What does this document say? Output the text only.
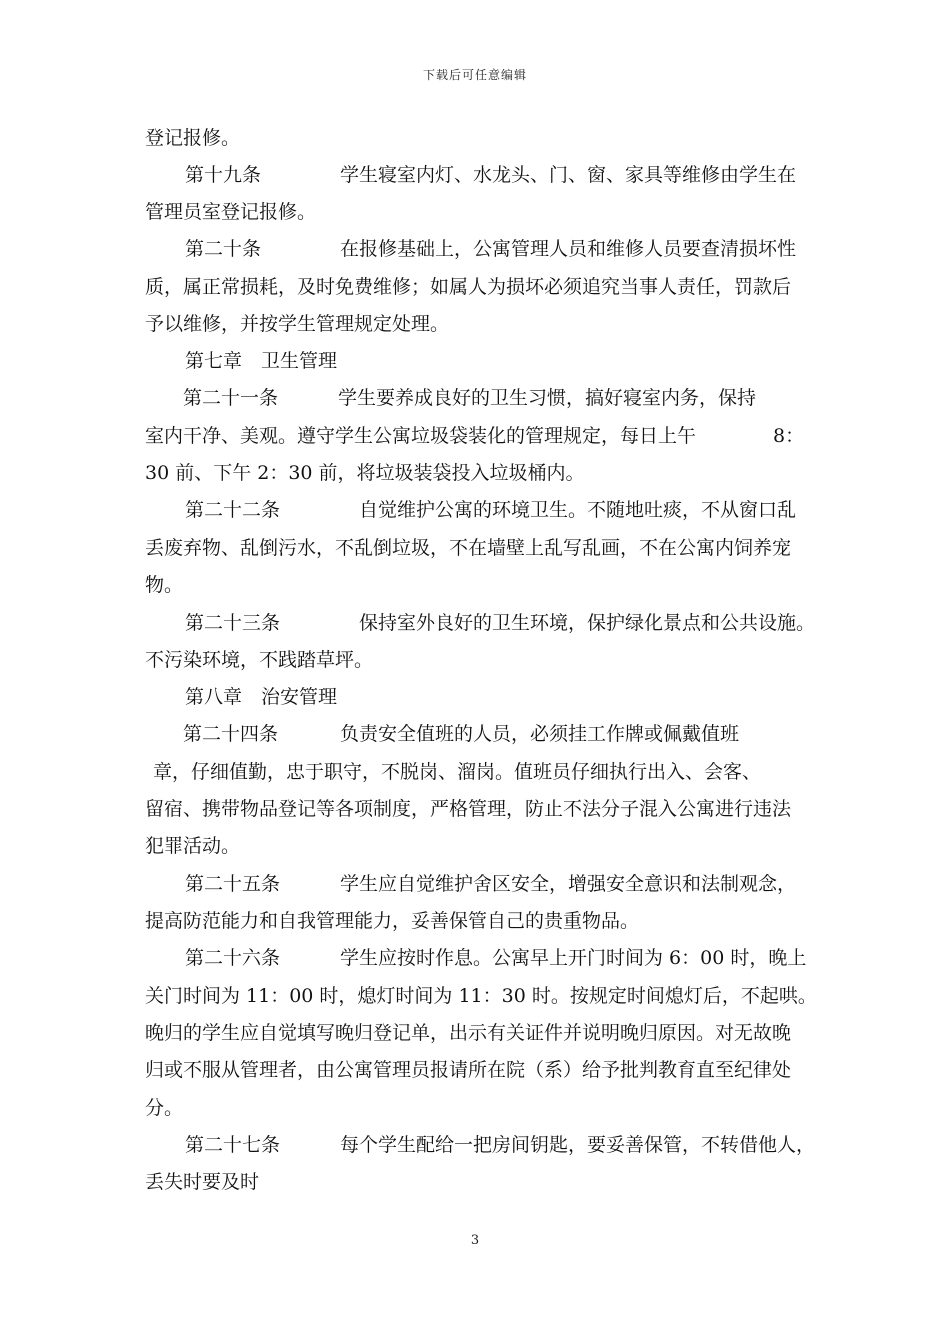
下载后可任意编辑
登记报修。
第十九条	学生寝室内灯、水龙头、门、窗、家具等维修由学生在
管理员室登记报修。
第二十条	在报修基础上，公寓管理人员和维修人员要查清损坏性
质，属正常损耗，及时免费维修；如属人为损坏必须追究当事人责任，罚款后
予以维修，并按学生管理规定处理。
第七章　卫生管理
第二十一条	学生要养成良好的卫生习惯，搞好寝室内务，保持
室内干净、美观。遵守学生公寓垃圾袋装化的管理规定，每日上午	8：
30 前、下午 2：30 前，将垃圾装袋投入垃圾桶内。
第二十二条	自觉维护公寓的环境卫生。不随地吐痰，不从窗口乱
丢废弃物、乱倒污水，不乱倒垃圾，不在墙壁上乱写乱画，不在公寓内饲养宠
物。
第二十三条	保持室外良好的卫生环境，保护绿化景点和公共设施。
不污染环境，不践踏草坪。
第八章　治安管理
第二十四条	负责安全值班的人员，必须挂工作牌或佩戴值班
章，仔细值勤，忠于职守，不脱岗、溜岗。值班员仔细执行出入、会客、
留宿、携带物品登记等各项制度，严格管理，防止不法分子混入公寓进行违法
犯罪活动。
第二十五条	学生应自觉维护舍区安全，增强安全意识和法制观念，
提高防范能力和自我管理能力，妥善保管自己的贵重物品。
第二十六条	学生应按时作息。公寓早上开门时间为 6：00 时，晚上
关门时间为 11：00 时，熄灯时间为 11：30 时。按规定时间熄灯后，不起哄。
晚归的学生应自觉填写晚归登记单，出示有关证件并说明晚归原因。对无故晚
归或不服从管理者，由公寓管理员报请所在院（系）给予批判教育直至纪律处
分。
第二十七条	每个学生配给一把房间钥匙，要妥善保管，不转借他人，
丢失时要及时
3
